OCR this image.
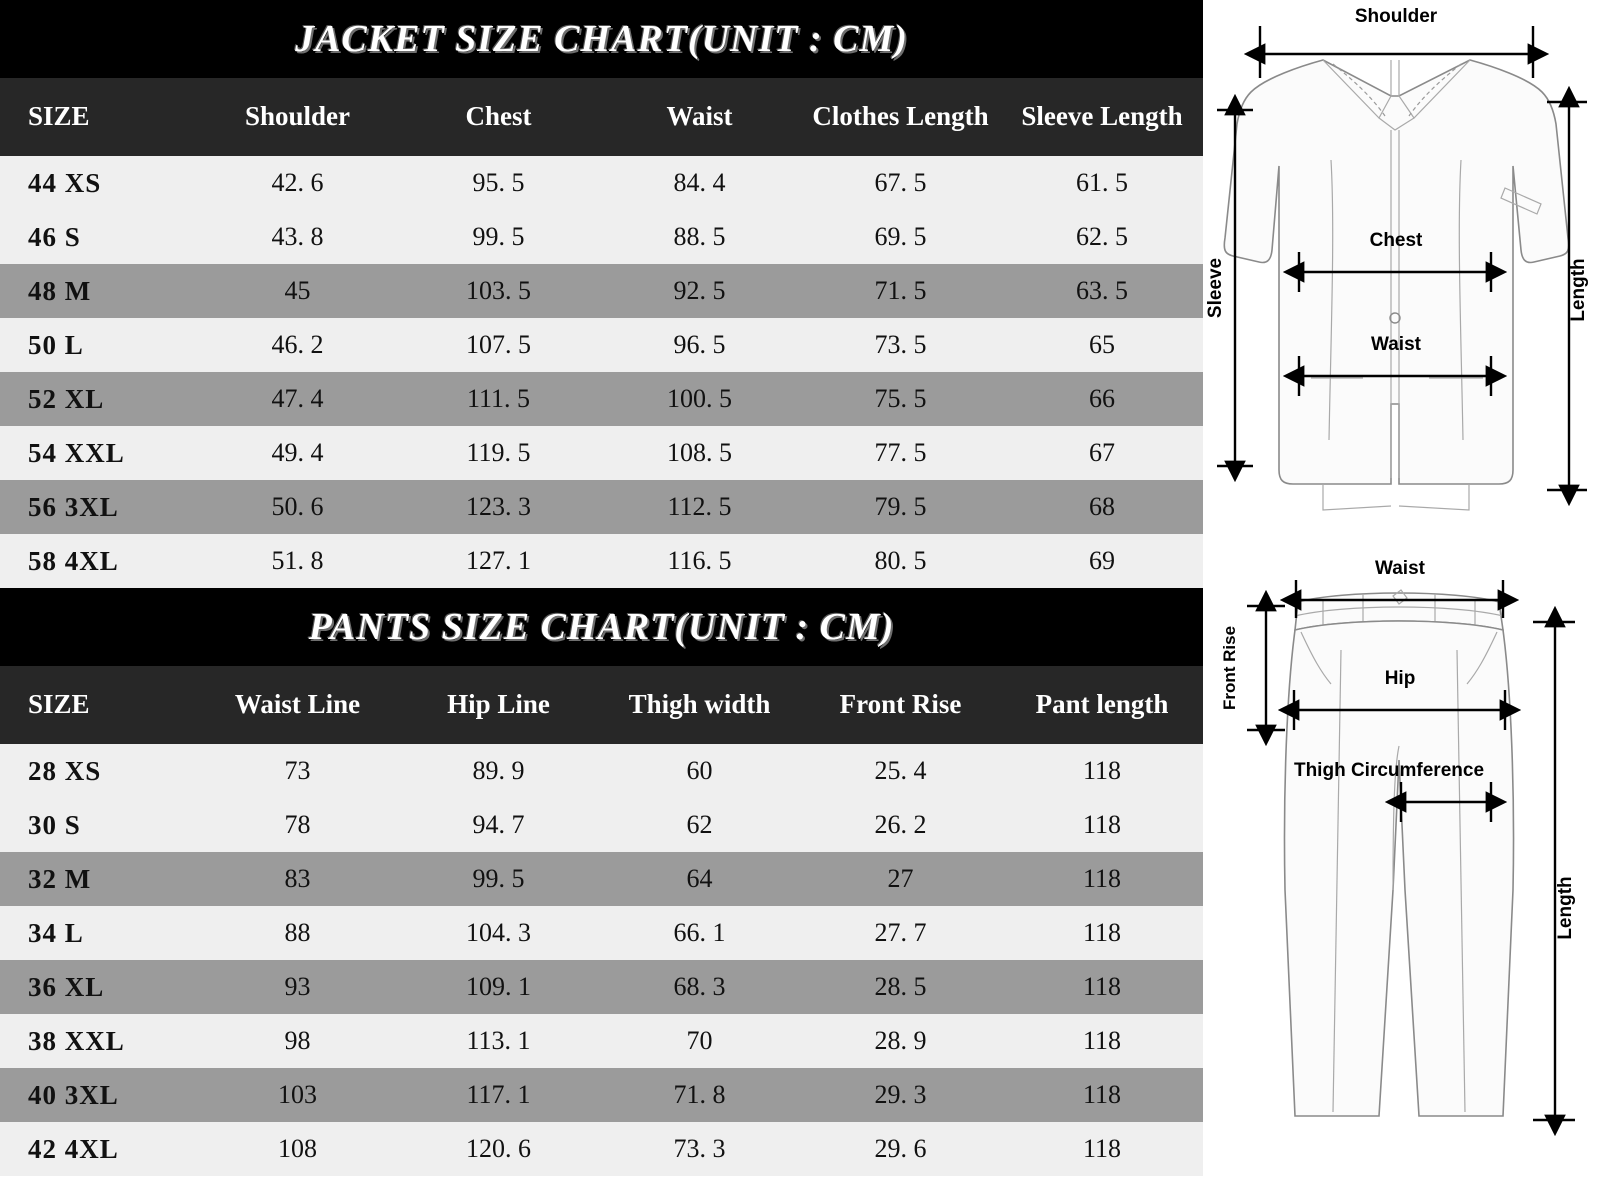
JACKET SIZE CHART(UNIT : CM)
SIZE	Shoulder	Chest	Waist	Clothes Length	Sleeve Length
44 XS	42. 6	95. 5	84. 4	67. 5	61. 5
46 S	43. 8	99. 5	88. 5	69. 5	62. 5
48 M	45	103. 5	92. 5	71. 5	63. 5
50 L	46. 2	107. 5	96. 5	73. 5	65
52 XL	47. 4	111. 5	100. 5	75. 5	66
54 XXL	49. 4	119. 5	108. 5	77. 5	67
56 3XL	50. 6	123. 3	112. 5	79. 5	68
58 4XL	51. 8	127. 1	116. 5	80. 5	69
PANTS SIZE CHART(UNIT : CM)
SIZE	Waist Line	Hip Line	Thigh width	Front Rise	Pant length
28 XS	73	89. 9	60	25. 4	118
30 S	78	94. 7	62	26. 2	118
32 M	83	99. 5	64	27	118
34 L	88	104. 3	66. 1	27. 7	118
36 XL	93	109. 1	68. 3	28. 5	118
38 XXL	98	113. 1	70	28. 9	118
40 3XL	103	117. 1	71. 8	29. 3	118
42 4XL	108	120. 6	73. 3	29. 6	118
Shoulder
Chest
Waist
Sleeve	Length
Waist
Hip
Front Rise
Thigh Circumference
Length
